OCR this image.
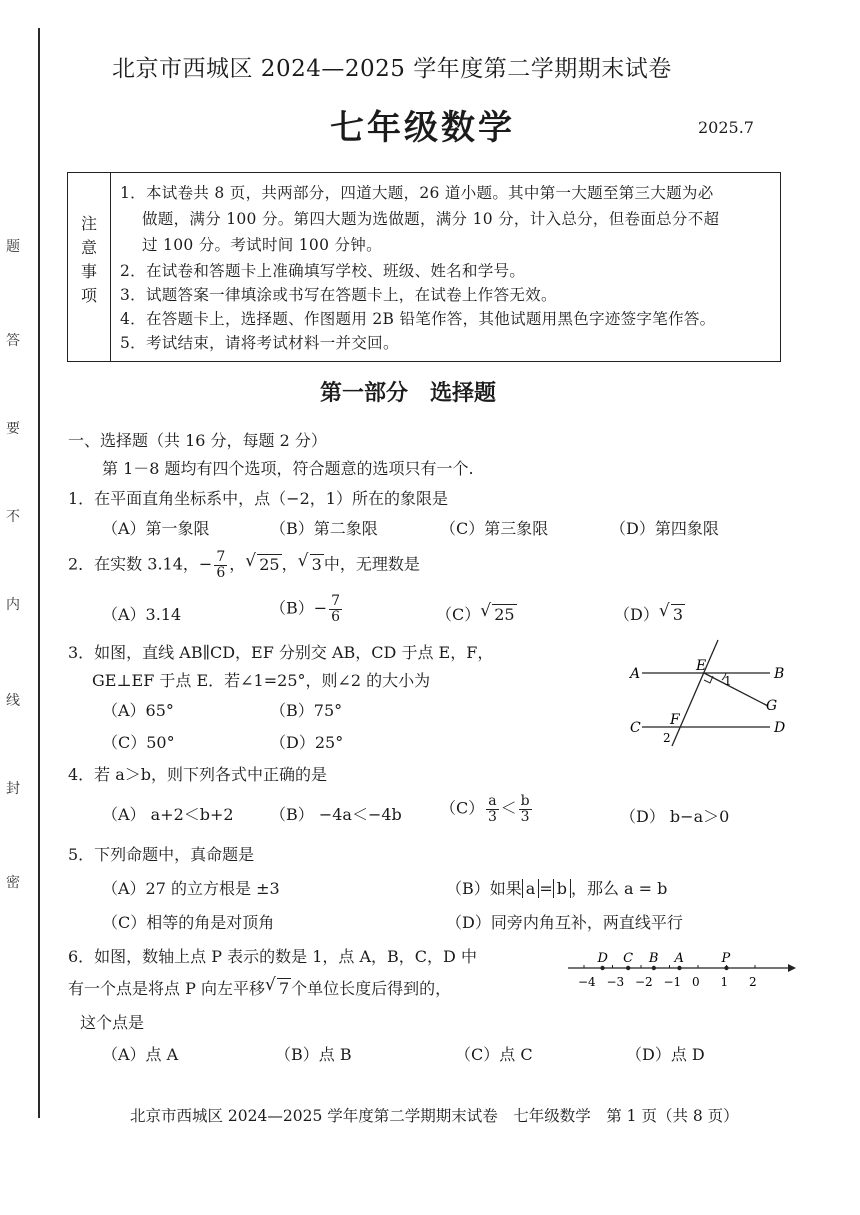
题
答
要
不
内
线
封
密
北京市西城区 2024—2025 学年度第二学期期末试卷
七年级数学	2025.7
注
意
事
项
1．本试卷共 8 页，共两部分，四道大题，26 道小题。其中第一大题至第三大题为必
做题，满分 100 分。第四大题为选做题，满分 10 分，计入总分，但卷面总分不超
过 100 分。考试时间 100 分钟。
2．在试卷和答题卡上准确填写学校、班级、姓名和学号。
3．试题答案一律填涂或书写在答题卡上，在试卷上作答无效。
4．在答题卡上，选择题、作图题用 2B 铅笔作答，其他试题用黑色字迹签字笔作答。
5．考试结束，请将考试材料一并交回。
第一部分　选择题
一、选择题（共 16 分，每题 2 分）
第 1－8 题均有四个选项，符合题意的选项只有一个.
1．在平面直角坐标系中，点（−2，1）所在的象限是
（A）第一象限	（B）第二象限	（C）第三象限	（D）第四象限
2．在实数 3.14，− $\frac{7}{6}$ ， √ 25 ， √ 3 中，无理数是
（A）3.14	$(B)- \frac{7}{6}$	（C） √ 25	（D） √ 3
3．如图，直线 AB∥CD，EF 分别交 AB，CD 于点 E，F，
GE⊥EF 于点 E．若∠1=25°，则∠2 的大小为
（A）65°	（B）75°
（C）50°	（D）25°
A	B
C	D
E
F
G
1
2
4．若 a＞b，则下列各式中正确的是
（A） a+2＜b+2 （B） −4a＜−4b $(C) \frac{a}{3} < \frac{b}{3}$	（D） b−a＞0
5．下列命题中，真命题是
（A）27 的立方根是 ±3	（B）如果 a = b ，那么 a = b
（C）相等的角是对顶角	（D）同旁内角互补，两直线平行
6．如图，数轴上点 P 表示的数是 1，点 A，B，C，D 中
有一个点是将点 P 向左平移 √ 7 个单位长度后得到的，
这个点是
（A）点 A	（B）点 B	（C）点 C	（D）点 D
−4 −3 −2 −1 0 1 2
D C B A	P
北京市西城区 2024—2025 学年度第二学期期末试卷　七年级数学　第 1 页（共 8 页）
